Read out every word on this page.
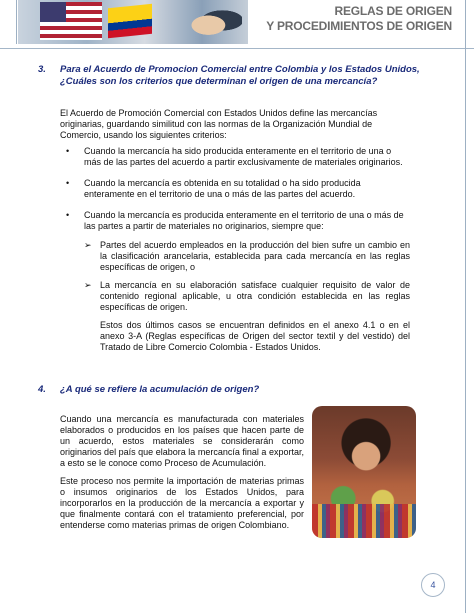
REGLAS DE ORIGEN
Y PROCEDIMIENTOS DE ORIGEN
3. Para el Acuerdo de Promocion Comercial entre Colombia y los Estados Unidos, ¿Cuáles son los criterios que determinan el origen de una mercancía?
El Acuerdo de Promoción Comercial con Estados Unidos define las mercancías originarias, guardando similitud con las normas de la Organización Mundial de Comercio, usando los siguientes criterios:
• Cuando la mercancía ha sido producida enteramente en el territorio de una o más de las partes del acuerdo a partir exclusivamente de materiales originarios.
• Cuando la mercancía es obtenida en su totalidad o ha sido producida enteramente en el territorio de una o más de las partes del acuerdo.
• Cuando la mercancía es producida enteramente en el territorio de una o más de las partes a partir de materiales no originarios, siempre que:
➢ Partes del acuerdo empleados en la producción del bien sufre un cambio en la clasificación arancelaria, establecida para cada mercancía en las reglas específicas de origen, o
➢ La mercancía en su elaboración satisface cualquier requisito de valor de contenido regional aplicable, u otra condición establecida en las reglas específicas de origen.
Estos dos últimos casos se encuentran definidos en el anexo 4.1 o en el anexo 3-A (Reglas específicas de Origen del sector textil y del vestido) del Tratado de Libre Comercio Colombia - Estados Unidos.
4. ¿A qué se refiere la acumulación de origen?
Cuando una mercancía es manufacturada con materiales elaborados o producidos en los países que hacen parte de un acuerdo, estos materiales se considerarán como originarios del país que elabora la mercancía final a exportar, a esto se le conoce como Proceso de Acumulación.
Este proceso nos permite la importación de materias primas o insumos originarios de los Estados Unidos, para incorporarlos en la producción de la mercancía a exportar y que finalmente contará con el tratamiento preferencial, por entenderse como materias primas de origen Colombiano.
4
